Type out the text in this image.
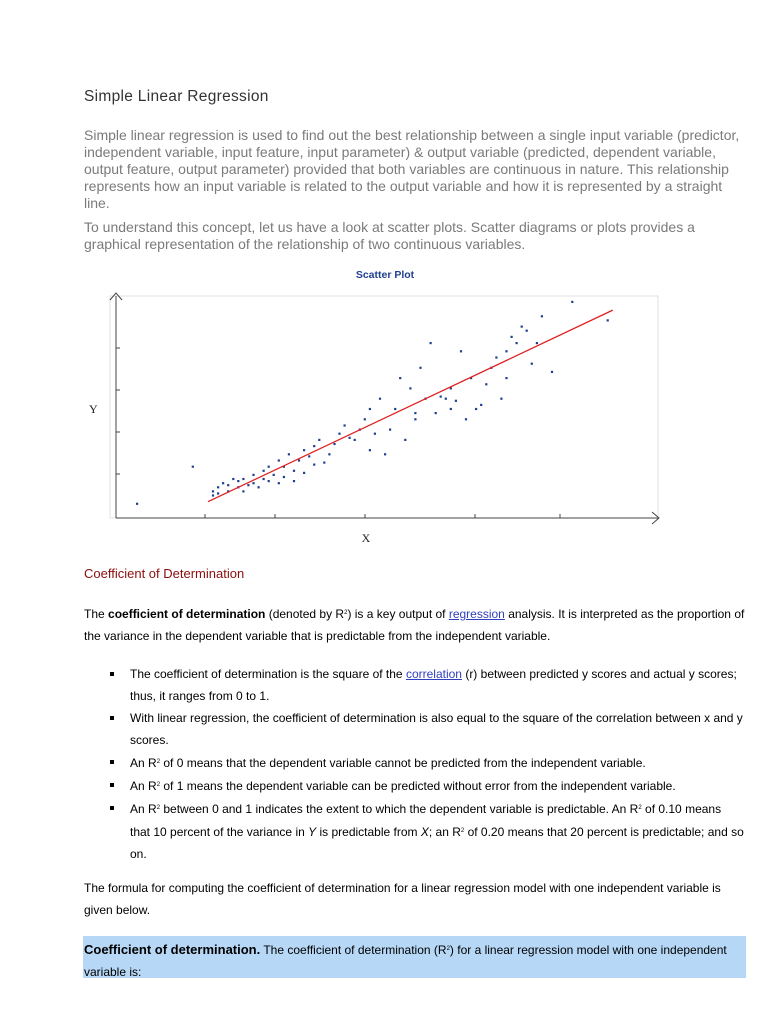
Simple Linear Regression

Simple linear regression is used to find out the best relationship between a single input variable (predictor, independent variable, input feature, input parameter) & output variable (predicted, dependent variable, output feature, output parameter) provided that both variables are continuous in nature. This relationship represents how an input variable is related to the output variable and how it is represented by a straight line.

To understand this concept, let us have a look at scatter plots. Scatter diagrams or plots provides a graphical representation of the relationship of two continuous variables.

Scatter Plot
Y
X
Coefficient of Determination

The coefficient of determination (denoted by $R^2$) is a key output of regression analysis. It is interpreted as the proportion of the variance in the dependent variable that is predictable from the independent variable.

The coefficient of determination is the square of the correlation (r) between predicted y scores and actual y scores; thus, it ranges from 0 to 1.
With linear regression, the coefficient of determination is also equal to the square of the correlation between x and y scores.
An $R^2$ of 0 means that the dependent variable cannot be predicted from the independent variable.
An $R^2$ of 1 means the dependent variable can be predicted without error from the independent variable.
An $R^2$ between 0 and 1 indicates the extent to which the dependent variable is predictable. An $R^2$ of 0.10 means that 10 percent of the variance in Y is predictable from X; an $R^2$ of 0.20 means that 20 percent is predictable; and so on.

The formula for computing the coefficient of determination for a linear regression model with one independent variable is given below.

Coefficient of determination. The coefficient of determination $(R^2)$ for a linear regression model with one independent variable is:
